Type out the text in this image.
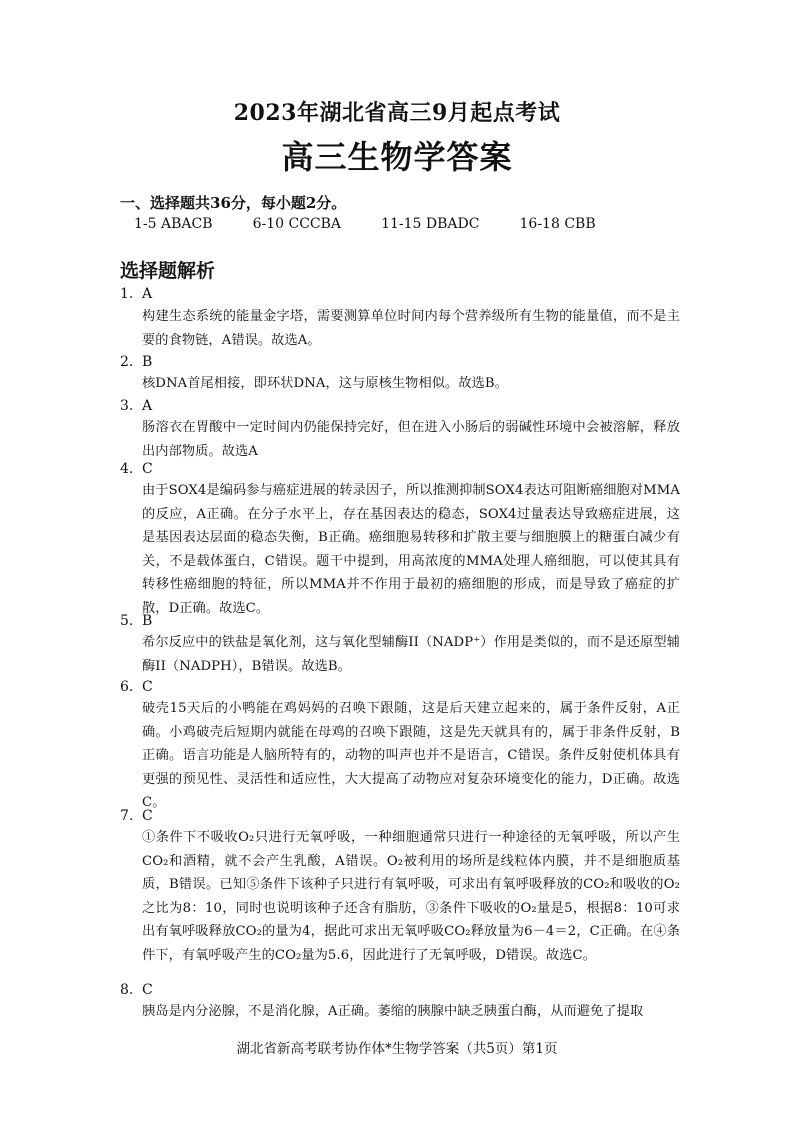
2023年湖北省高三9月起点考试
高三生物学答案
一、选择题共36分，每小题2分。
1-5 ABACB	6-10 CCCBA	11-15 DBADC	16-18 CBB
选择题解析
1. A
构建生态系统的能量金字塔，需要测算单位时间内每个营养级所有生物的能量值，而不是主要的食物链，A错误。故选A。
2. B
核DNA首尾相接，即环状DNA，这与原核生物相似。故选B。
3. A
肠溶衣在胃酸中一定时间内仍能保持完好，但在进入小肠后的弱碱性环境中会被溶解，释放出内部物质。故选A
4. C
由于SOX4是编码参与癌症进展的转录因子，所以推测抑制SOX4表达可阻断癌细胞对MMA的反应，A正确。在分子水平上，存在基因表达的稳态，SOX4过量表达导致癌症进展，这是基因表达层面的稳态失衡，B正确。癌细胞易转移和扩散主要与细胞膜上的糖蛋白减少有关，不是载体蛋白，C错误。题干中提到，用高浓度的MMA处理人癌细胞，可以使其具有转移性癌细胞的特征，所以MMA并不作用于最初的癌细胞的形成，而是导致了癌症的扩散，D正确。故选C。
5. B
希尔反应中的铁盐是氧化剂，这与氧化型辅酶II（NADP⁺）作用是类似的，而不是还原型辅酶II（NADPH），B错误。故选B。
6. C
破壳15天后的小鸭能在鸡妈妈的召唤下跟随，这是后天建立起来的，属于条件反射，A正确。小鸡破壳后短期内就能在母鸡的召唤下跟随，这是先天就具有的，属于非条件反射，B正确。语言功能是人脑所特有的，动物的叫声也并不是语言，C错误。条件反射使机体具有更强的预见性、灵活性和适应性，大大提高了动物应对复杂环境变化的能力，D正确。故选C。
7. C
①条件下不吸收O₂只进行无氧呼吸，一种细胞通常只进行一种途径的无氧呼吸，所以产生CO₂和酒精，就不会产生乳酸，A错误。O₂被利用的场所是线粒体内膜，并不是细胞质基质，B错误。已知⑤条件下该种子只进行有氧呼吸，可求出有氧呼吸释放的CO₂和吸收的O₂之比为8：10，同时也说明该种子还含有脂肪，③条件下吸收的O₂量是5，根据8：10可求出有氧呼吸释放CO₂的量为4，据此可求出无氧呼吸CO₂释放量为6－4＝2，C正确。在④条件下，有氧呼吸产生的CO₂量为5.6，因此进行了无氧呼吸，D错误。故选C。
8. C
胰岛是内分泌腺，不是消化腺，A正确。萎缩的胰腺中缺乏胰蛋白酶，从而避免了提取
湖北省新高考联考协作体*生物学答案（共5页）第1页
